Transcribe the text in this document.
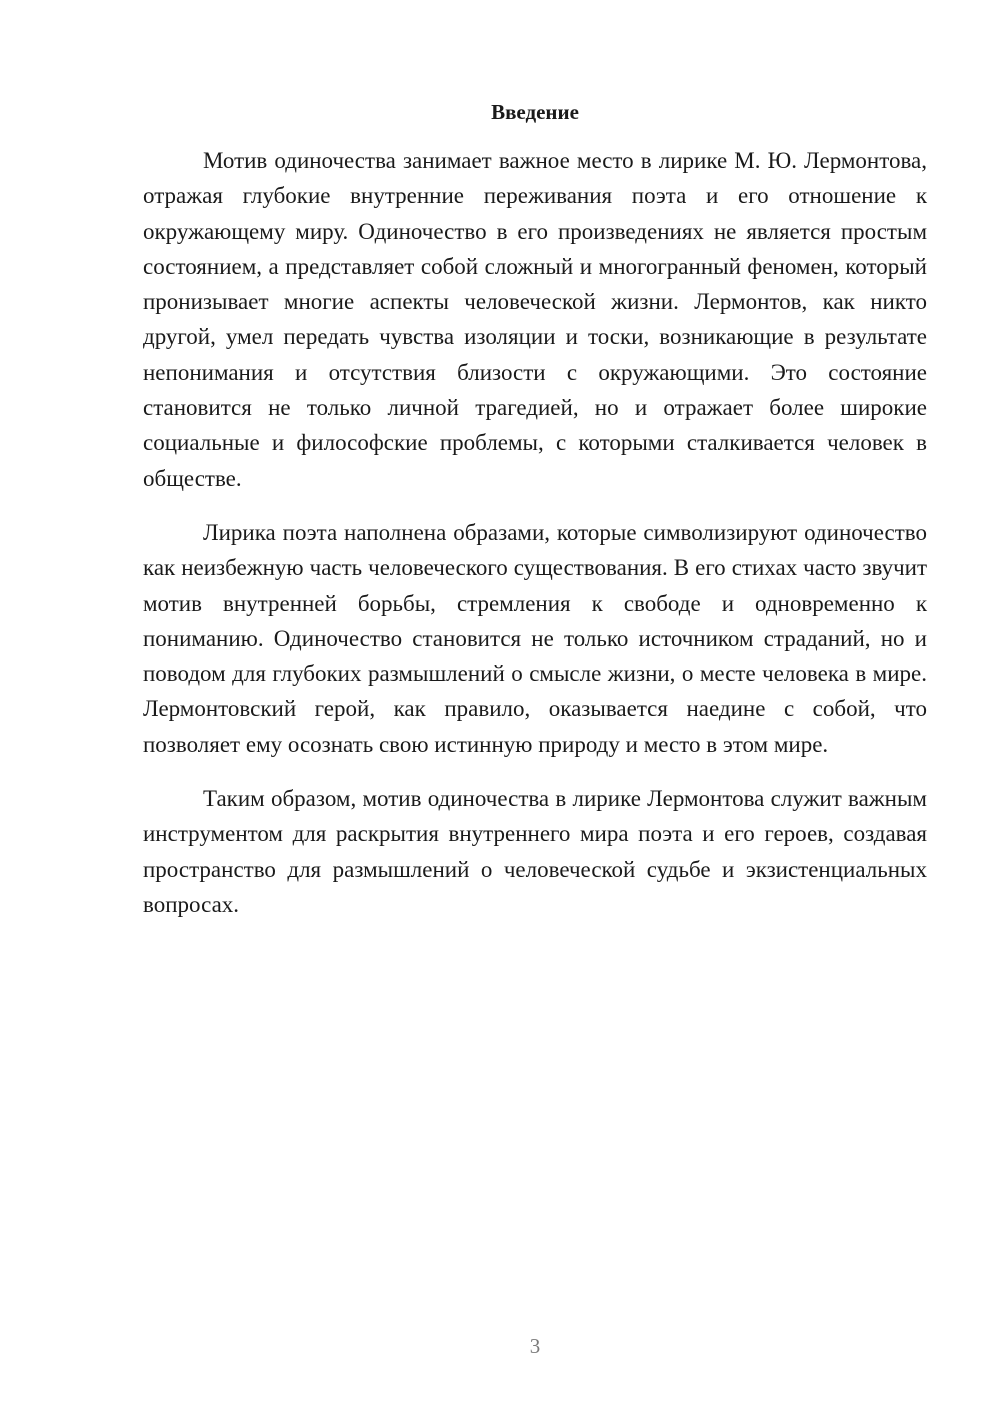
Введение

Мотив одиночества занимает важное место в лирике М. Ю. Лермонтова, отражая глубокие внутренние переживания поэта и его отношение к окружающему миру. Одиночество в его произведениях не является простым состоянием, а представляет собой сложный и многогранный феномен, который пронизывает многие аспекты человеческой жизни. Лермонтов, как никто другой, умел передать чувства изоляции и тоски, возникающие в результате непонимания и отсутствия близости с окружающими. Это состояние становится не только личной трагедией, но и отражает более широкие социальные и философские проблемы, с которыми сталкивается человек в обществе.

Лирика поэта наполнена образами, которые символизируют одиночество как неизбежную часть человеческого существования. В его стихах часто звучит мотив внутренней борьбы, стремления к свободе и одновременно к пониманию. Одиночество становится не только источником страданий, но и поводом для глубоких размышлений о смысле жизни, о месте человека в мире. Лермонтовский герой, как правило, оказывается наедине с собой, что позволяет ему осознать свою истинную природу и место в этом мире.

Таким образом, мотив одиночества в лирике Лермонтова служит важным инструментом для раскрытия внутреннего мира поэта и его героев, создавая пространство для размышлений о человеческой судьбе и экзистенциальных вопросах.

3
